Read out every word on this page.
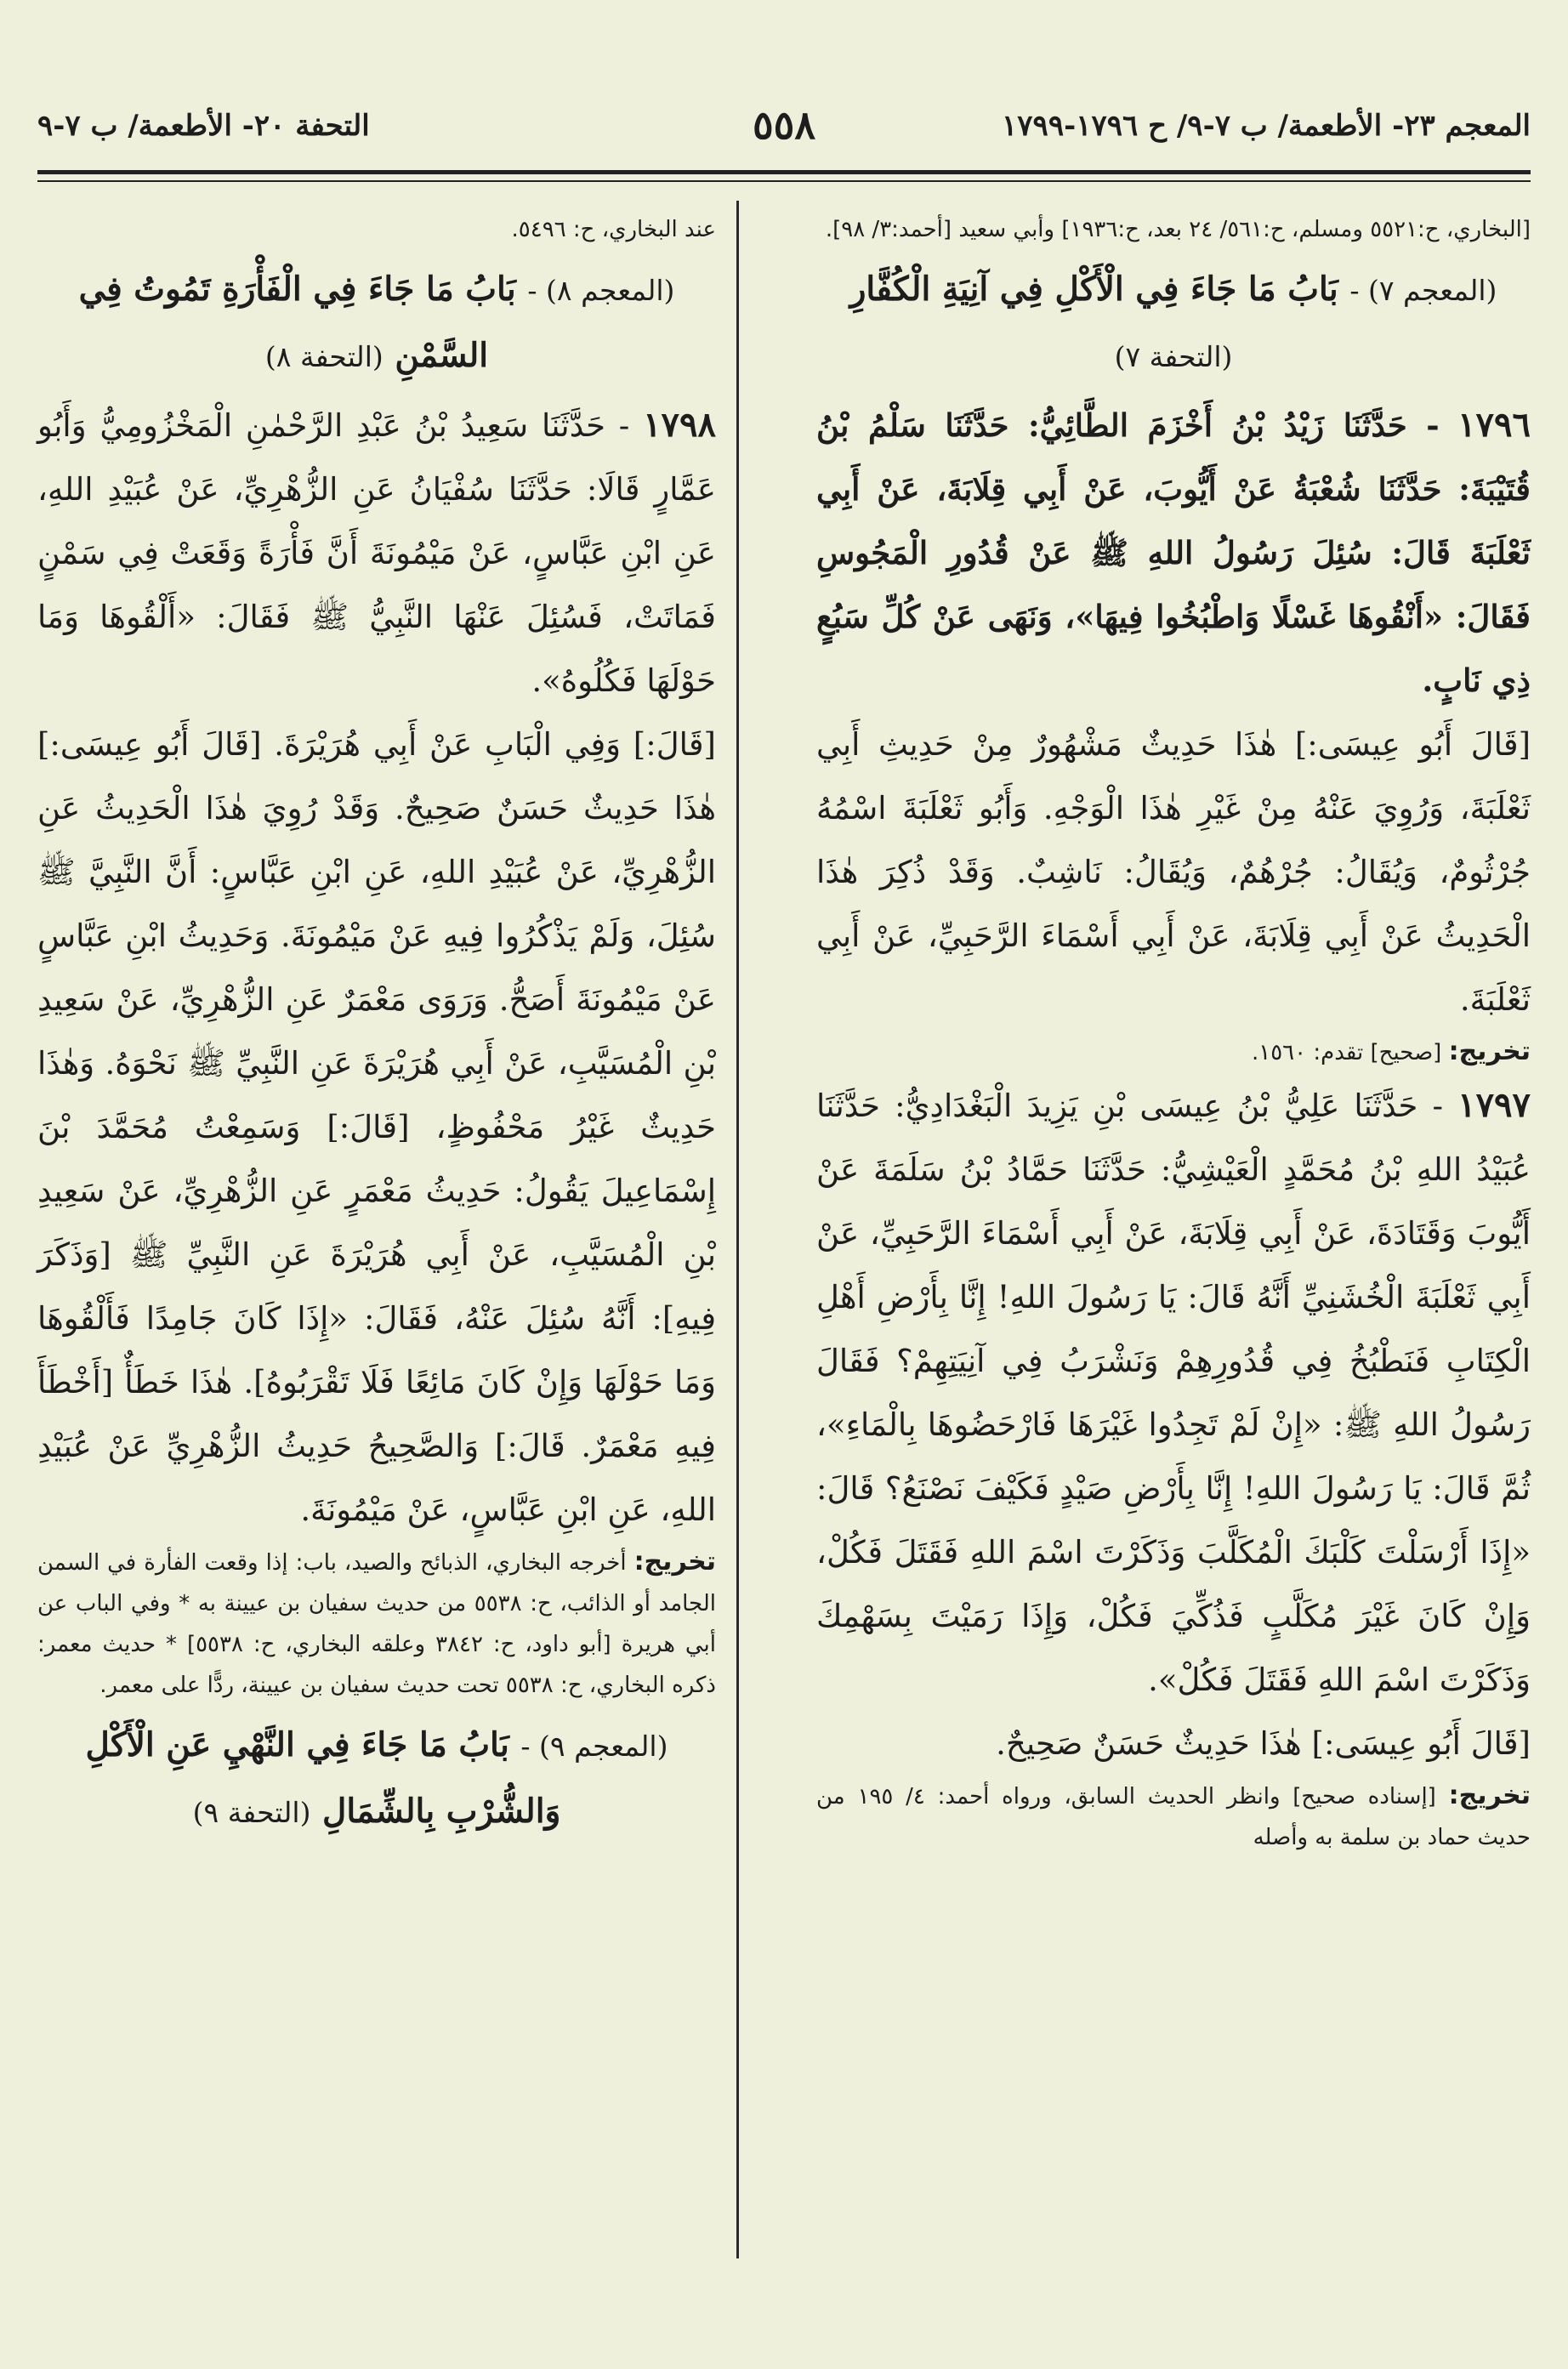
المعجم ٢٣- الأطعمة/ ب ٧-٩/ ح ١٧٩٦-١٧٩٩
٥٥٨
التحفة ٢٠- الأطعمة/ ب ٧-٩

[البخاري، ح:٥٥٢١ ومسلم، ح:٥٦١/ ٢٤ بعد، ح:١٩٣٦] وأبي سعيد [أحمد:٣/ ٩٨].

(المعجم ٧) - بَابُ مَا جَاءَ فِي الْأَكْلِ فِي آنِيَةِ الْكُفَّارِ (التحفة ٧)

١٧٩٦ - حَدَّثَنَا زَيْدُ بْنُ أَخْزَمَ الطَّائِيُّ: حَدَّثَنَا سَلْمُ بْنُ قُتَيْبَةَ: حَدَّثَنَا شُعْبَةُ عَنْ أَيُّوبَ، عَنْ أَبِي قِلَابَةَ، عَنْ أَبِي ثَعْلَبَةَ قَالَ: سُئِلَ رَسُولُ اللهِ ﷺ عَنْ قُدُورِ الْمَجُوسِ فَقَالَ: «أَنْقُوهَا غَسْلًا وَاطْبُخُوا فِيهَا»، وَنَهَى عَنْ كُلِّ سَبُعٍ ذِي نَابٍ.

[قَالَ أَبُو عِيسَى:] هٰذَا حَدِيثٌ مَشْهُورٌ مِنْ حَدِيثِ أَبِي ثَعْلَبَةَ، وَرُوِيَ عَنْهُ مِنْ غَيْرِ هٰذَا الْوَجْهِ. وَأَبُو ثَعْلَبَةَ اسْمُهُ جُرْثُومٌ، وَيُقَالُ: جُرْهُمٌ، وَيُقَالُ: نَاشِبٌ. وَقَدْ ذُكِرَ هٰذَا الْحَدِيثُ عَنْ أَبِي قِلَابَةَ، عَنْ أَبِي أَسْمَاءَ الرَّحَبِيِّ، عَنْ أَبِي ثَعْلَبَةَ.

تخريج: [صحيح] تقدم: ١٥٦٠.

١٧٩٧ - حَدَّثَنَا عَلِيُّ بْنُ عِيسَى بْنِ يَزِيدَ الْبَغْدَادِيُّ: حَدَّثَنَا عُبَيْدُ اللهِ بْنُ مُحَمَّدٍ الْعَيْشِيُّ: حَدَّثَنَا حَمَّادُ بْنُ سَلَمَةَ عَنْ أَيُّوبَ وَقَتَادَةَ، عَنْ أَبِي قِلَابَةَ، عَنْ أَبِي أَسْمَاءَ الرَّحَبِيِّ، عَنْ أَبِي ثَعْلَبَةَ الْخُشَنِيِّ أَنَّهُ قَالَ: يَا رَسُولَ اللهِ! إِنَّا بِأَرْضِ أَهْلِ الْكِتَابِ فَنَطْبُخُ فِي قُدُورِهِمْ وَنَشْرَبُ فِي آنِيَتِهِمْ؟ فَقَالَ رَسُولُ اللهِ ﷺ: «إِنْ لَمْ تَجِدُوا غَيْرَهَا فَارْحَضُوهَا بِالْمَاءِ»، ثُمَّ قَالَ: يَا رَسُولَ اللهِ! إِنَّا بِأَرْضِ صَيْدٍ فَكَيْفَ نَصْنَعُ؟ قَالَ: «إِذَا أَرْسَلْتَ كَلْبَكَ الْمُكَلَّبَ وَذَكَرْتَ اسْمَ اللهِ فَقَتَلَ فَكُلْ، وَإِنْ كَانَ غَيْرَ مُكَلَّبٍ فَذُكِّيَ فَكُلْ، وَإِذَا رَمَيْتَ بِسَهْمِكَ وَذَكَرْتَ اسْمَ اللهِ فَقَتَلَ فَكُلْ».

[قَالَ أَبُو عِيسَى:] هٰذَا حَدِيثٌ حَسَنٌ صَحِيحٌ.

تخريج: [إسناده صحيح] وانظر الحديث السابق، ورواه أحمد: ٤/ ١٩٥ من حديث حماد بن سلمة به وأصله

عند البخاري، ح: ٥٤٩٦.

(المعجم ٨) - بَابُ مَا جَاءَ فِي الْفَأْرَةِ تَمُوتُ فِي السَّمْنِ (التحفة ٨)

١٧٩٨ - حَدَّثَنَا سَعِيدُ بْنُ عَبْدِ الرَّحْمٰنِ الْمَخْزُومِيُّ وَأَبُو عَمَّارٍ قَالَا: حَدَّثَنَا سُفْيَانُ عَنِ الزُّهْرِيِّ، عَنْ عُبَيْدِ اللهِ، عَنِ ابْنِ عَبَّاسٍ، عَنْ مَيْمُونَةَ أَنَّ فَأْرَةً وَقَعَتْ فِي سَمْنٍ فَمَاتَتْ، فَسُئِلَ عَنْهَا النَّبِيُّ ﷺ فَقَالَ: «أَلْقُوهَا وَمَا حَوْلَهَا فَكُلُوهُ».

[قَالَ:] وَفِي الْبَابِ عَنْ أَبِي هُرَيْرَةَ. [قَالَ أَبُو عِيسَى:] هٰذَا حَدِيثٌ حَسَنٌ صَحِيحٌ. وَقَدْ رُوِيَ هٰذَا الْحَدِيثُ عَنِ الزُّهْرِيِّ، عَنْ عُبَيْدِ اللهِ، عَنِ ابْنِ عَبَّاسٍ: أَنَّ النَّبِيَّ ﷺ سُئِلَ، وَلَمْ يَذْكُرُوا فِيهِ عَنْ مَيْمُونَةَ. وَحَدِيثُ ابْنِ عَبَّاسٍ عَنْ مَيْمُونَةَ أَصَحُّ. وَرَوَى مَعْمَرٌ عَنِ الزُّهْرِيِّ، عَنْ سَعِيدِ بْنِ الْمُسَيَّبِ، عَنْ أَبِي هُرَيْرَةَ عَنِ النَّبِيِّ ﷺ نَحْوَهُ. وَهٰذَا حَدِيثٌ غَيْرُ مَحْفُوظٍ، [قَالَ:] وَسَمِعْتُ مُحَمَّدَ بْنَ إِسْمَاعِيلَ يَقُولُ: حَدِيثُ مَعْمَرٍ عَنِ الزُّهْرِيِّ، عَنْ سَعِيدِ بْنِ الْمُسَيَّبِ، عَنْ أَبِي هُرَيْرَةَ عَنِ النَّبِيِّ ﷺ [وَذَكَرَ فِيهِ]: أَنَّهُ سُئِلَ عَنْهُ، فَقَالَ: «إِذَا كَانَ جَامِدًا فَأَلْقُوهَا وَمَا حَوْلَهَا وَإِنْ كَانَ مَائِعًا فَلَا تَقْرَبُوهُ]. هٰذَا خَطَأٌ [أَخْطَأَ فِيهِ مَعْمَرٌ. قَالَ:] وَالصَّحِيحُ حَدِيثُ الزُّهْرِيِّ عَنْ عُبَيْدِ اللهِ، عَنِ ابْنِ عَبَّاسٍ، عَنْ مَيْمُونَةَ.

تخريج: أخرجه البخاري، الذبائح والصيد، باب: إذا وقعت الفأرة في السمن الجامد أو الذائب، ح: ٥٥٣٨ من حديث سفيان بن عيينة به * وفي الباب عن أبي هريرة [أبو داود، ح: ٣٨٤٢ وعلقه البخاري، ح: ٥٥٣٨] * حديث معمر: ذكره البخاري، ح: ٥٥٣٨ تحت حديث سفيان بن عيينة، ردًّا على معمر.

(المعجم ٩) - بَابُ مَا جَاءَ فِي النَّهْيِ عَنِ الْأَكْلِ وَالشُّرْبِ بِالشِّمَالِ (التحفة ٩)
